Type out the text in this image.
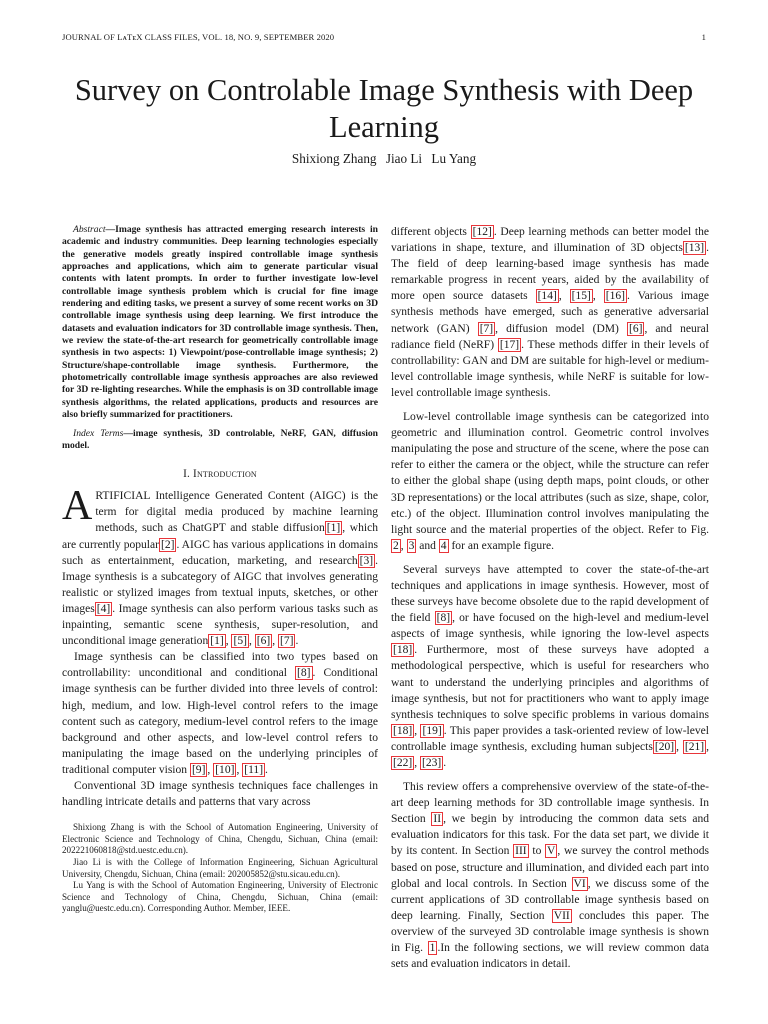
JOURNAL OF LᴀTᴇX CLASS FILES, VOL. 18, NO. 9, SEPTEMBER 2020	1
Survey on Controlable Image Synthesis with Deep Learning
Shixiong Zhang Jiao Li Lu Yang

Abstract—Image synthesis has attracted emerging research interests in academic and industry communities. Deep learning technologies especially the generative models greatly inspired controllable image synthesis approaches and applications, which aim to generate particular visual contents with latent prompts. In order to further investigate low-level controllable image synthesis problem which is crucial for fine image rendering and editing tasks, we present a survey of some recent works on 3D controllable image synthesis using deep learning. We first introduce the datasets and evaluation indicators for 3D controllable image synthesis. Then, we review the state-of-the-art research for geometrically controllable image synthesis in two aspects: 1) Viewpoint/pose-controllable image synthesis; 2) Structure/shape-controllable image synthesis. Furthermore, the photometrically controllable image synthesis approaches are also reviewed for 3D re-lighting researches. While the emphasis is on 3D controllable image synthesis algorithms, the related applications, products and resources are also briefly summarized for practitioners.

Index Terms—image synthesis, 3D controlable, NeRF, GAN, diffusion model.

I. Introduction

ARTIFICIAL Intelligence Generated Content (AIGC) is the term for digital media produced by machine learning methods, such as ChatGPT and stable diffusion [1] , which are currently popular [2] . AIGC has various applications in domains such as entertainment, education, marketing, and research [3] . Image synthesis is a subcategory of AIGC that involves generating realistic or stylized images from textual inputs, sketches, or other images [4] . Image synthesis can also perform various tasks such as inpainting, semantic scene synthesis, super-resolution, and unconditional image generation [1] , [5] , [6] , [7] .

Image synthesis can be classified into two types based on controllability: unconditional and conditional [8] . Conditional image synthesis can be further divided into three levels of control: high, medium, and low. High-level control refers to the image content such as category, medium-level control refers to the image background and other aspects, and low-level control refers to manipulating the image based on the underlying principles of traditional computer vision [9] , [10] , [11] .

Conventional 3D image synthesis techniques face challenges in handling intricate details and patterns that vary across

Shixiong Zhang is with the School of Automation Engineering, University of Electronic Science and Technology of China, Chengdu, Sichuan, China (email: 202221060818@std.uestc.edu.cn).

Jiao Li is with the College of Information Engineering, Sichuan Agricultural University, Chengdu, Sichuan, China (email: 202005852@stu.sicau.edu.cn).

Lu Yang is with the School of Automation Engineering, University of Electronic Science and Technology of China, Chengdu, Sichuan, China (email: yanglu@uestc.edu.cn). Corresponding Author. Member, IEEE.

different objects [12] . Deep learning methods can better model the variations in shape, texture, and illumination of 3D objects [13] . The field of deep learning-based image synthesis has made remarkable progress in recent years, aided by the availability of more open source datasets [14] , [15] , [16] . Various image synthesis methods have emerged, such as generative adversarial network (GAN) [7] , diffusion model (DM) [6] , and neural radiance field (NeRF) [17] . These methods differ in their levels of controllability: GAN and DM are suitable for high-level or medium-level controllable image synthesis, while NeRF is suitable for low-level controllable image synthesis.

Low-level controllable image synthesis can be categorized into geometric and illumination control. Geometric control involves manipulating the pose and structure of the scene, where the pose can refer to either the camera or the object, while the structure can refer to either the global shape (using depth maps, point clouds, or other 3D representations) or the local attributes (such as size, shape, color, etc.) of the object. Illumination control involves manipulating the light source and the material properties of the object. Refer to Fig. 2 , 3 and 4 for an example figure.

Several surveys have attempted to cover the state-of-the-art techniques and applications in image synthesis. However, most of these surveys have become obsolete due to the rapid development of the field [8] , or have focused on the high-level and medium-level aspects of image synthesis, while ignoring the low-level aspects [18] . Furthermore, most of these surveys have adopted a methodological perspective, which is useful for researchers who want to understand the underlying principles and algorithms of image synthesis, but not for practitioners who want to apply image synthesis techniques to solve specific problems in various domains [18] , [19] . This paper provides a task-oriented review of low-level controllable image synthesis, excluding human subjects [20] , [21] , [22] , [23] .

This review offers a comprehensive overview of the state-of-the-art deep learning methods for 3D controllable image synthesis. In Section II , we begin by introducing the common data sets and evaluation indicators for this task. For the data set part, we divide it by its content. In Section III to V , we survey the control methods based on pose, structure and illumination, and divided each part into global and local controls. In Section VI , we discuss some of the current applications of 3D controllable image synthesis based on deep learning. Finally, Section VII concludes this paper. The overview of the surveyed 3D controlable image synthesis is shown in Fig. 1 .In the following sections, we will review common data sets and evaluation indicators in detail.
